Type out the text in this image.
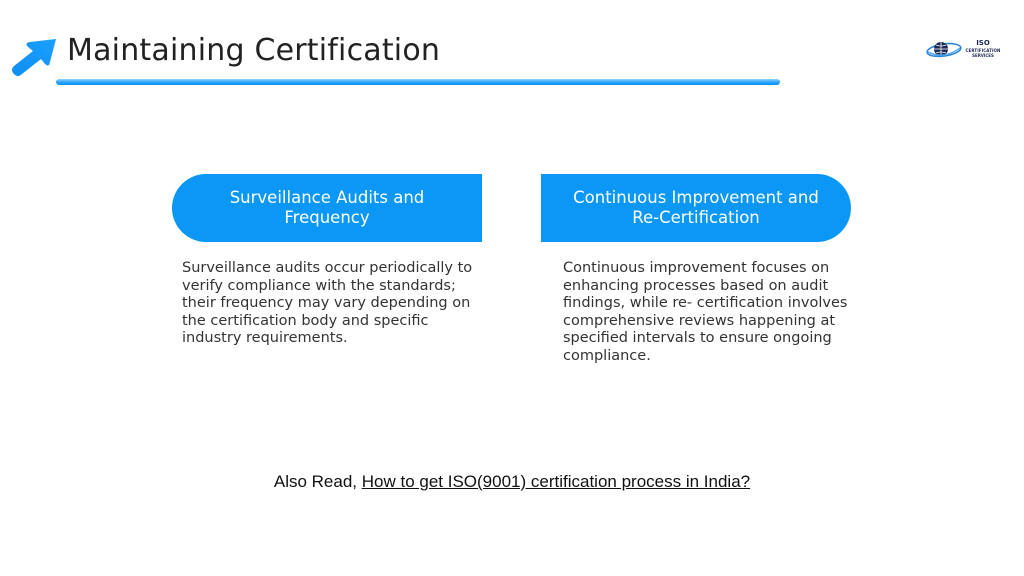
Maintaining Certification	ISO
CERTIFICATION
SERVICES
Surveillance Audits and Frequency
Surveillance audits occur periodically to verify compliance with the standards; their frequency may vary depending on the certification body and specific industry requirements.
Continuous Improvement and Re-Certification
Continuous improvement focuses on enhancing processes based on audit findings, while re- certification involves comprehensive reviews happening at specified intervals to ensure ongoing compliance.
Also Read, How to get ISO(9001) certification process in India?
